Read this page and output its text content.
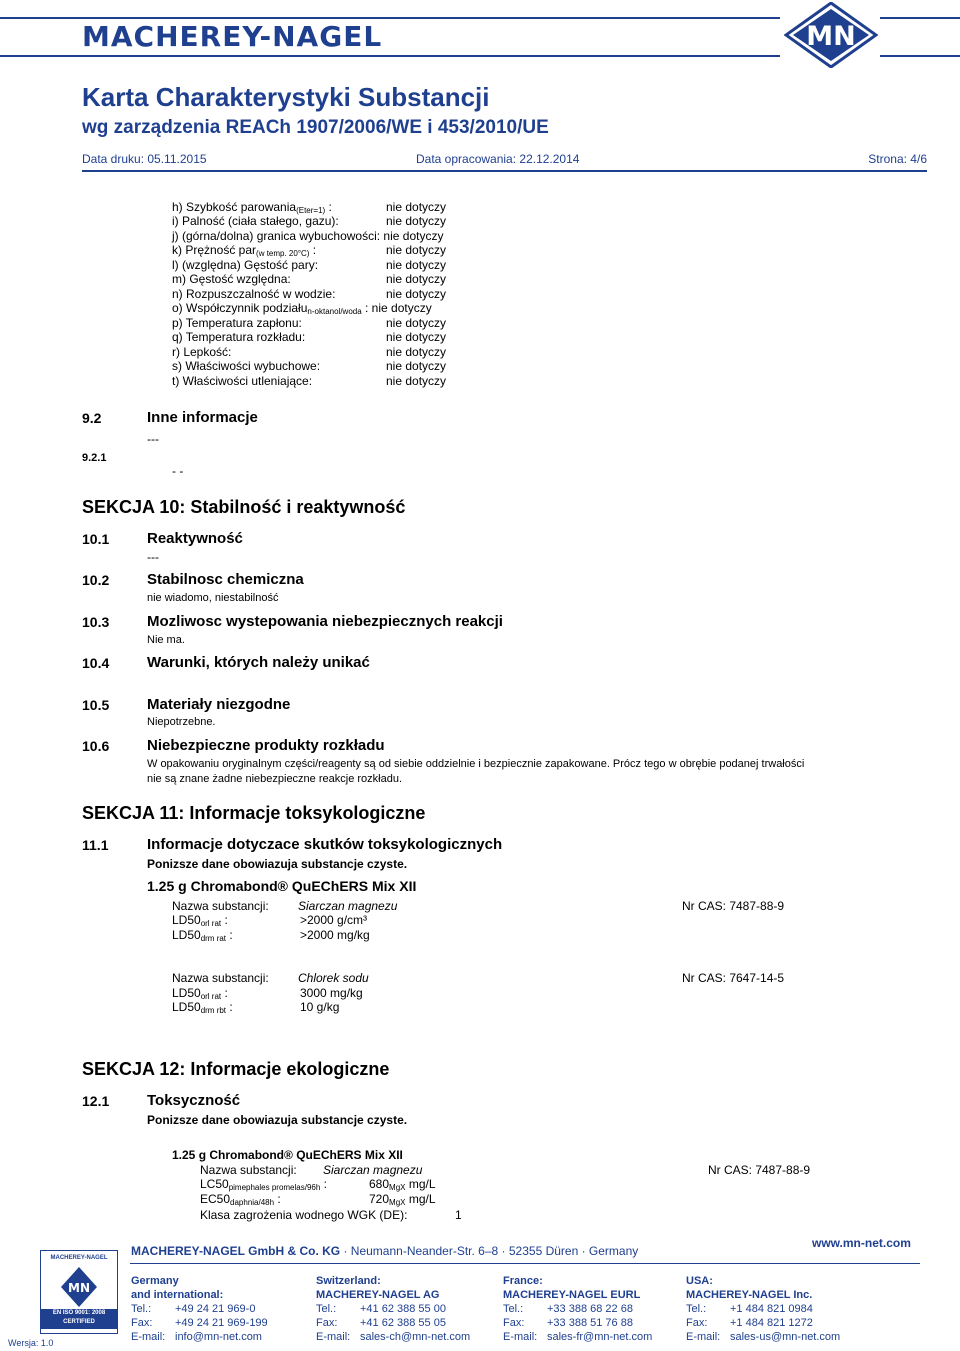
MACHEREY-NAGEL	MN
Karta Charakterystyki Substancji
wg zarządzenia REACh 1907/2006/WE i 453/2010/UE
Data druku: 05.11.2015	Data opracowania: 22.12.2014	Strona: 4/6
h) Szybkość parowania$_{(Eter=1)}$ :	nie dotyczy
i) Palność (ciała stałego, gazu):	nie dotyczy
j) (górna/dolna) granica wybuchowości: nie dotyczy
k) Prężność par$_{(w temp. 20^\circ C)}$ :	nie dotyczy
l) (względna) Gęstość pary:	nie dotyczy
m) Gęstość względna:	nie dotyczy
n) Rozpuszczalność w wodzie:	nie dotyczy
o) Współczynnik podziału$_{n-oktanol/woda}$ : nie dotyczy
p) Temperatura zapłonu:	nie dotyczy
q) Temperatura rozkładu:	nie dotyczy
r) Lepkość:	nie dotyczy
s) Właściwości wybuchowe:	nie dotyczy
t) Właściwości utleniające:	nie dotyczy
9.2	Inne informacje
---
9.2.1
- -
SEKCJA 10: Stabilność i reaktywność
10.1	Reaktywność
---
10.2	Stabilnosc chemiczna
nie wiadomo, niestabilność
10.3	Mozliwosc wystepowania niebezpiecznych reakcji
Nie ma.
10.4	Warunki, których należy unikać
10.5	Materiały niezgodne
Niepotrzebne.
10.6	Niebezpieczne produkty rozkładu
W opakowaniu oryginalnym części/reagenty są od siebie oddzielnie i bezpiecznie zapakowane. Prócz tego w obrębie podanej trwałości
nie są znane żadne niebezpieczne reakcje rozkładu.
SEKCJA 11: Informacje toksykologiczne
11.1	Informacje dotyczace skutków toksykologicznych
Ponizsze dane obowiazuja substancje czyste.
1.25 g Chromabond® QuEChERS Mix XII
Nazwa substancji: Siarczan magnezu	Nr CAS: 7487-88-9
$LD50_{orl rat}$ :	>2000 g/cm³
$LD50_{drm rat}$ :	>2000 mg/kg
Nazwa substancji: Chlorek sodu	Nr CAS: 7647-14-5
$LD50_{orl rat}$ :	3000 mg/kg
$LD50_{drm rbt}$ :	10 g/kg
SEKCJA 12: Informacje ekologiczne
12.1	Toksyczność
Ponizsze dane obowiazuja substancje czyste.
1.25 g Chromabond® QuEChERS Mix XII
Nazwa substancji: Siarczan magnezu	Nr CAS: 7487-88-9
$LC50_{pimephales promelas/96h}$ :	$680_{MgX}$ mg/L
$EC50_{daphnia/48h}$ :	$720_{MgX}$ mg/L
Klasa zagrożenia wodnego WGK (DE):	1
MACHEREY-NAGEL GmbH & Co. KG · Neumann-Neander-Str. 6–8 · 52355 Düren · Germany
www.mn-net.com
MACHEREY-NAGEL
MN
EN ISO 9001: 2008
CERTIFIED
Wersja: 1.0
Germany
and international:
Tel.:	+49 24 21 969-0
Fax:	+49 24 21 969-199
E-mail: info@mn-net.com
Switzerland:
MACHEREY-NAGEL AG
Tel.:	+41 62 388 55 00
Fax:	+41 62 388 55 05
E-mail: sales-ch@mn-net.com
France:
MACHEREY-NAGEL EURL
Tel.:	+33 388 68 22 68
Fax:	+33 388 51 76 88
E-mail: sales-fr@mn-net.com
USA:
MACHEREY-NAGEL Inc.
Tel.:	+1 484 821 0984
Fax:	+1 484 821 1272
E-mail: sales-us@mn-net.com
